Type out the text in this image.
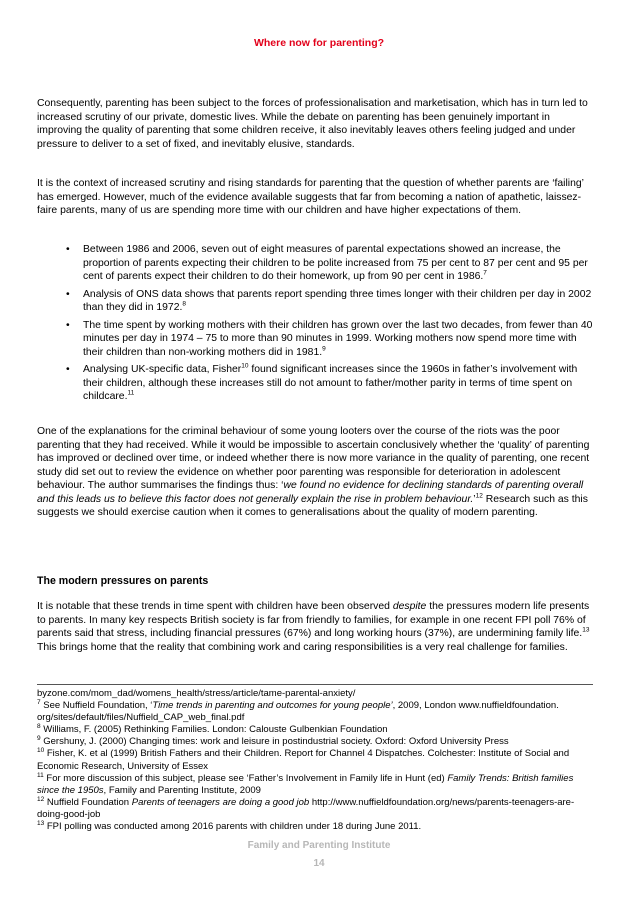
Where now for parenting?

Consequently, parenting has been subject to the forces of professionalisation and marketisation, which has in turn led to increased scrutiny of our private, domestic lives. While the debate on parenting has been genuinely important in improving the quality of parenting that some children receive, it also inevitably leaves others feeling judged and under pressure to deliver to a set of fixed, and inevitably elusive, standards.

It is the context of increased scrutiny and rising standards for parenting that the question of whether parents are ‘failing’ has emerged. However, much of the evidence available suggests that far from becoming a nation of apathetic, laissez-faire parents, many of us are spending more time with our children and have higher expectations of them.

• Between 1986 and 2006, seven out of eight measures of parental expectations showed an increase, the proportion of parents expecting their children to be polite increased from 75 per cent to 87 per cent and 95 per cent of parents expect their children to do their homework, up from 90 per cent in 1986.$^7$
• Analysis of ONS data shows that parents report spending three times longer with their children per day in 2002 than they did in 1972.$^8$
• The time spent by working mothers with their children has grown over the last two decades, from fewer than 40 minutes per day in 1974 – 75 to more than 90 minutes in 1999. Working mothers now spend more time with their children than non-working mothers did in 1981.$^9$
• Analysing UK-specific data, Fisher$^{10}$ found significant increases since the 1960s in father’s involvement with their children, although these increases still do not amount to father/mother parity in terms of time spent on childcare.$^{11}$

One of the explanations for the criminal behaviour of some young looters over the course of the riots was the poor parenting that they had received. While it would be impossible to ascertain conclusively whether the ‘quality’ of parenting has improved or declined over time, or indeed whether there is now more variance in the quality of parenting, one recent study did set out to review the evidence on whether poor parenting was responsible for deterioration in adolescent behaviour. The author summarises the findings thus: ‘we found no evidence for declining standards of parenting overall and this leads us to believe this factor does not generally explain the rise in problem behaviour.’$^{12}$ Research such as this suggests we should exercise caution when it comes to generalisations about the quality of modern parenting.

The modern pressures on parents

It is notable that these trends in time spent with children have been observed despite the pressures modern life presents to parents. In many key respects British society is far from friendly to families, for example in one recent FPI poll 76% of parents said that stress, including financial pressures (67%) and long working hours (37%), are undermining family life.$^{13}$ This brings home that the reality that combining work and caring responsibilities is a very real challenge for families.

byzone.com/mom_dad/womens_health/stress/article/tame-parental-anxiety/

$^7$ See Nuffield Foundation, ‘Time trends in parenting and outcomes for young people’, 2009, London www.nuffieldfoundation. org/sites/default/files/Nuffield_CAP_web_final.pdf

$^8$ Williams, F. (2005) Rethinking Families. London: Calouste Gulbenkian Foundation

$^9$ Gershuny, J. (2000) Changing times: work and leisure in postindustrial society. Oxford: Oxford University Press

$^{10}$ Fisher, K. et al (1999) British Fathers and their Children. Report for Channel 4 Dispatches. Colchester: Institute of Social and Economic Research, University of Essex

$^{11}$ For more discussion of this subject, please see ‘Father’s Involvement in Family life in Hunt (ed) Family Trends: British families since the 1950s, Family and Parenting Institute, 2009

$^{12}$ Nuffield Foundation Parents of teenagers are doing a good job http://www.nuffieldfoundation.org/news/parents-teenagers-are-doing-good-job

$^{13}$ FPI polling was conducted among 2016 parents with children under 18 during June 2011.

Family and Parenting Institute
14
